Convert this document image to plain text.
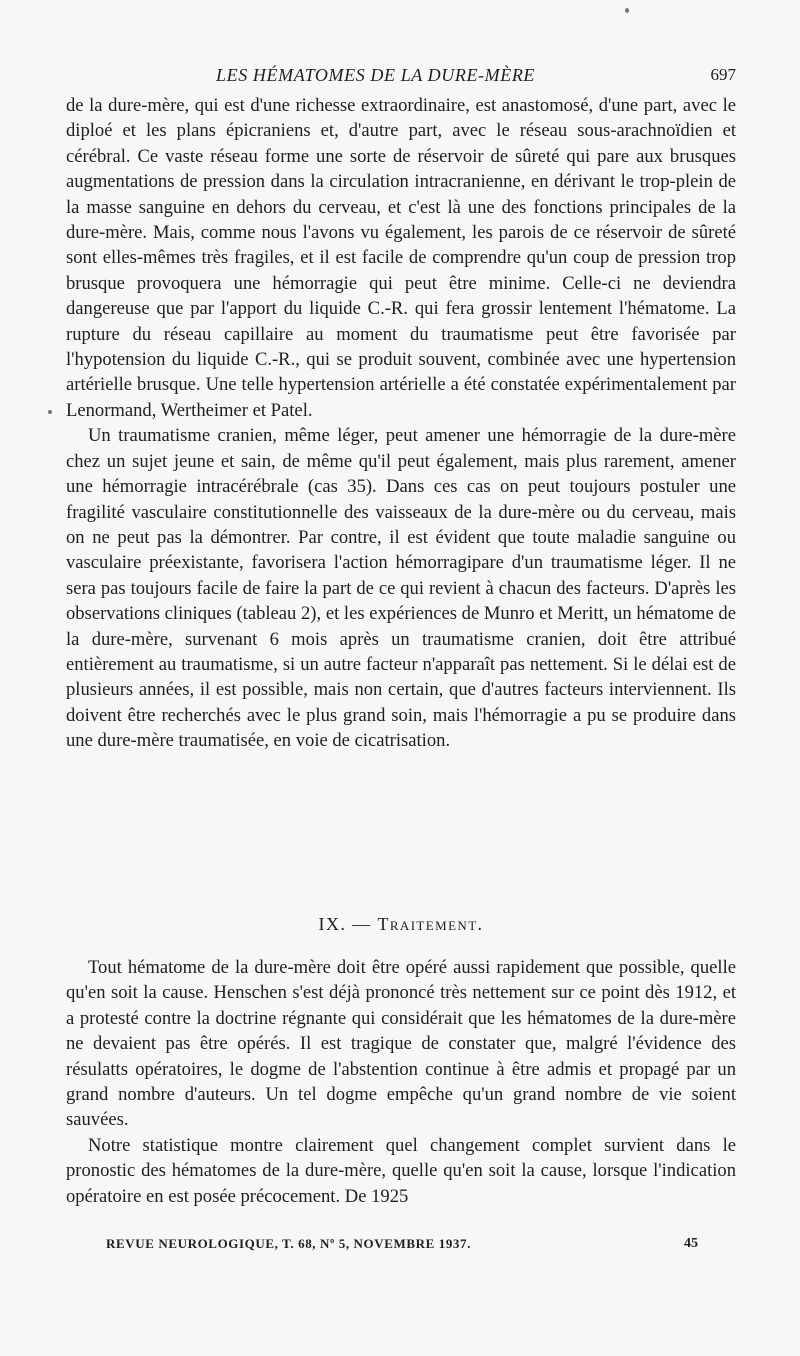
LES HÉMATOMES DE LA DURE-MÈRE	697

de la dure-mère, qui est d'une richesse extraordinaire, est anastomosé, d'une part, avec le diploé et les plans épicraniens et, d'autre part, avec le réseau sous-arachnoïdien et cérébral. Ce vaste réseau forme une sorte de réservoir de sûreté qui pare aux brusques augmentations de pression dans la circulation intracranienne, en dérivant le trop-plein de la masse sanguine en dehors du cerveau, et c'est là une des fonctions principales de la dure-mère. Mais, comme nous l'avons vu également, les parois de ce réservoir de sûreté sont elles-mêmes très fragiles, et il est facile de comprendre qu'un coup de pression trop brusque provoquera une hémorragie qui peut être minime. Celle-ci ne deviendra dangereuse que par l'apport du liquide C.-R. qui fera grossir lentement l'hématome. La rupture du réseau capillaire au moment du traumatisme peut être favorisée par l'hypotension du liquide C.-R., qui se produit souvent, combinée avec une hypertension artérielle brusque. Une telle hypertension artérielle a été constatée expérimentalement par Lenormand, Wertheimer et Patel.

Un traumatisme cranien, même léger, peut amener une hémorragie de la dure-mère chez un sujet jeune et sain, de même qu'il peut également, mais plus rarement, amener une hémorragie intracérébrale (cas 35). Dans ces cas on peut toujours postuler une fragilité vasculaire constitutionnelle des vaisseaux de la dure-mère ou du cerveau, mais on ne peut pas la démontrer. Par contre, il est évident que toute maladie sanguine ou vasculaire préexistante, favorisera l'action hémorragipare d'un traumatisme léger. Il ne sera pas toujours facile de faire la part de ce qui revient à chacun des facteurs. D'après les observations cliniques (tableau 2), et les expériences de Munro et Meritt, un hématome de la dure-mère, survenant 6 mois après un traumatisme cranien, doit être attribué entièrement au traumatisme, si un autre facteur n'apparaît pas nettement. Si le délai est de plusieurs années, il est possible, mais non certain, que d'autres facteurs interviennent. Ils doivent être recherchés avec le plus grand soin, mais l'hémorragie a pu se produire dans une dure-mère traumatisée, en voie de cicatrisation.

IX. — Traitement.

Tout hématome de la dure-mère doit être opéré aussi rapidement que possible, quelle qu'en soit la cause. Henschen s'est déjà prononcé très nettement sur ce point dès 1912, et a protesté contre la doctrine régnante qui considérait que les hématomes de la dure-mère ne devaient pas être opérés. Il est tragique de constater que, malgré l'évidence des résulatts opératoires, le dogme de l'abstention continue à être admis et propagé par un grand nombre d'auteurs. Un tel dogme empêche qu'un grand nombre de vie soient sauvées.

Notre statistique montre clairement quel changement complet survient dans le pronostic des hématomes de la dure-mère, quelle qu'en soit la cause, lorsque l'indication opératoire en est posée précocement. De 1925

REVUE NEUROLOGIQUE, T. 68, Nº 5, NOVEMBRE 1937.	45
